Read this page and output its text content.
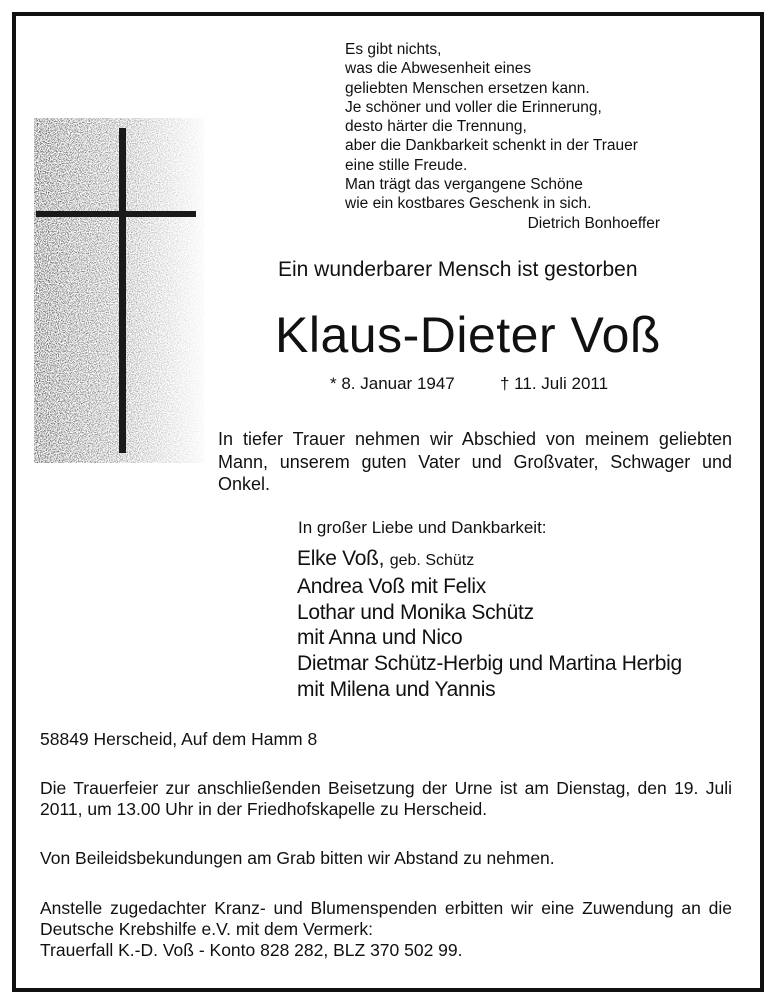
Es gibt nichts,
was die Abwesenheit eines
geliebten Menschen ersetzen kann.
Je schöner und voller die Erinnerung,
desto härter die Trennung,
aber die Dankbarkeit schenkt in der Trauer
eine stille Freude.
Man trägt das vergangene Schöne
wie ein kostbares Geschenk in sich.
Dietrich Bonhoeffer
Ein wunderbarer Mensch ist gestorben
Klaus-Dieter Voß
* 8. Januar 1947	† 11. Juli 2011
In tiefer Trauer nehmen wir Abschied von meinem geliebten Mann, unserem guten Vater und Großvater, Schwager und Onkel.
In großer Liebe und Dankbarkeit:
Elke Voß, geb. Schütz
Andrea Voß mit Felix
Lothar und Monika Schütz
mit Anna und Nico
Dietmar Schütz-Herbig und Martina Herbig
mit Milena und Yannis
58849 Herscheid, Auf dem Hamm 8
Die Trauerfeier zur anschließenden Beisetzung der Urne ist am Dienstag, den 19. Juli 2011, um 13.00 Uhr in der Friedhofskapelle zu Herscheid.
Von Beileidsbekundungen am Grab bitten wir Abstand zu nehmen.
Anstelle zugedachter Kranz- und Blumenspenden erbitten wir eine Zuwendung an die Deutsche Krebshilfe e.V. mit dem Vermerk:
Trauerfall K.-D. Voß - Konto 828 282, BLZ 370 502 99.
